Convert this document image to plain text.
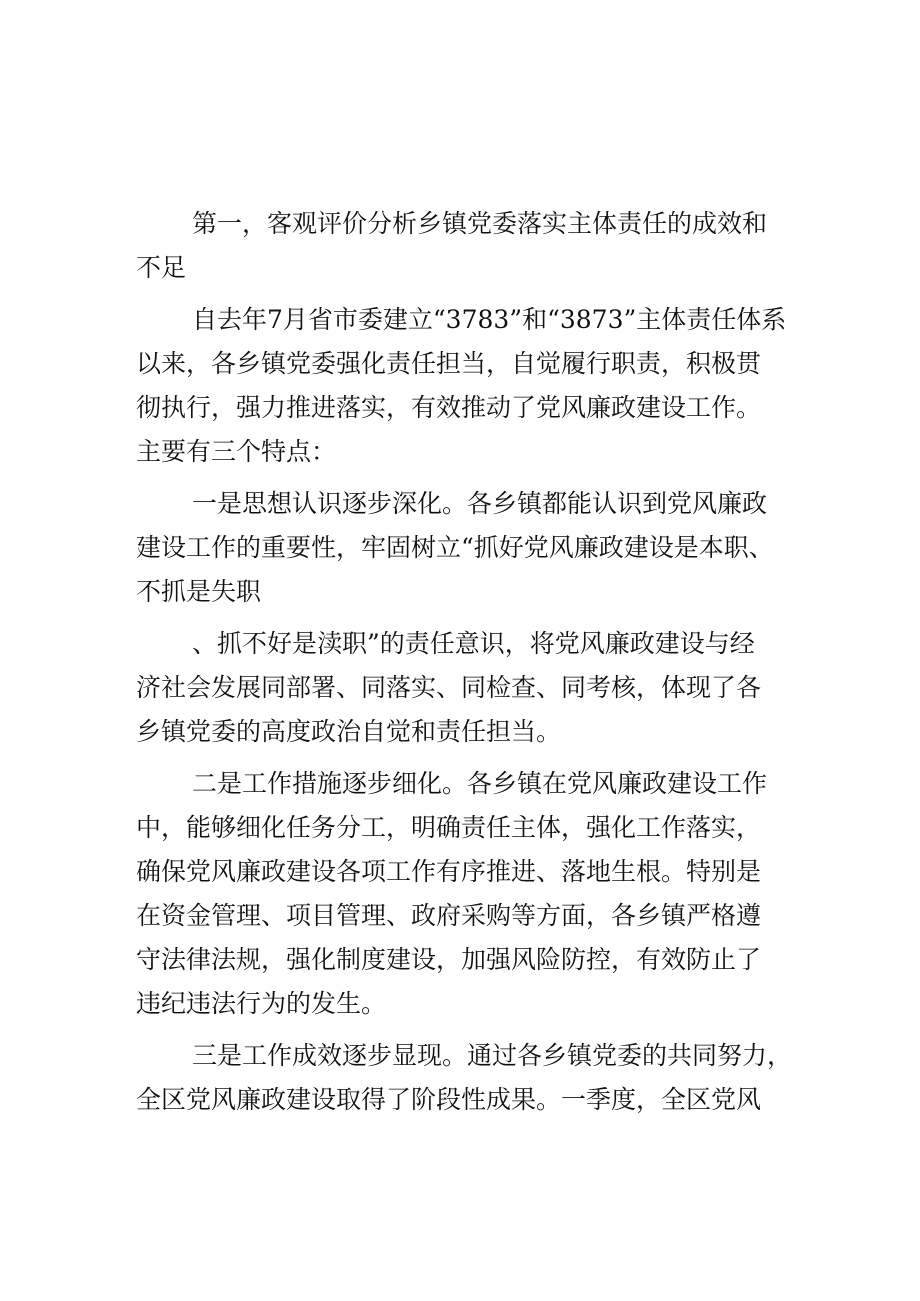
第一，客观评价分析乡镇党委落实主体责任的成效和
不足
自去年7月省市委建立“3783”和“3873”主体责任体系
以来，各乡镇党委强化责任担当，自觉履行职责，积极贯
彻执行，强力推进落实，有效推动了党风廉政建设工作。
主要有三个特点：
一是思想认识逐步深化。各乡镇都能认识到党风廉政
建设工作的重要性，牢固树立“抓好党风廉政建设是本职、
不抓是失职
、抓不好是渎职”的责任意识，将党风廉政建设与经
济社会发展同部署、同落实、同检查、同考核，体现了各
乡镇党委的高度政治自觉和责任担当。
二是工作措施逐步细化。各乡镇在党风廉政建设工作
中，能够细化任务分工，明确责任主体，强化工作落实，
确保党风廉政建设各项工作有序推进、落地生根。特别是
在资金管理、项目管理、政府采购等方面，各乡镇严格遵
守法律法规，强化制度建设，加强风险防控，有效防止了
违纪违法行为的发生。
三是工作成效逐步显现。通过各乡镇党委的共同努力，
全区党风廉政建设取得了阶段性成果。一季度，全区党风
